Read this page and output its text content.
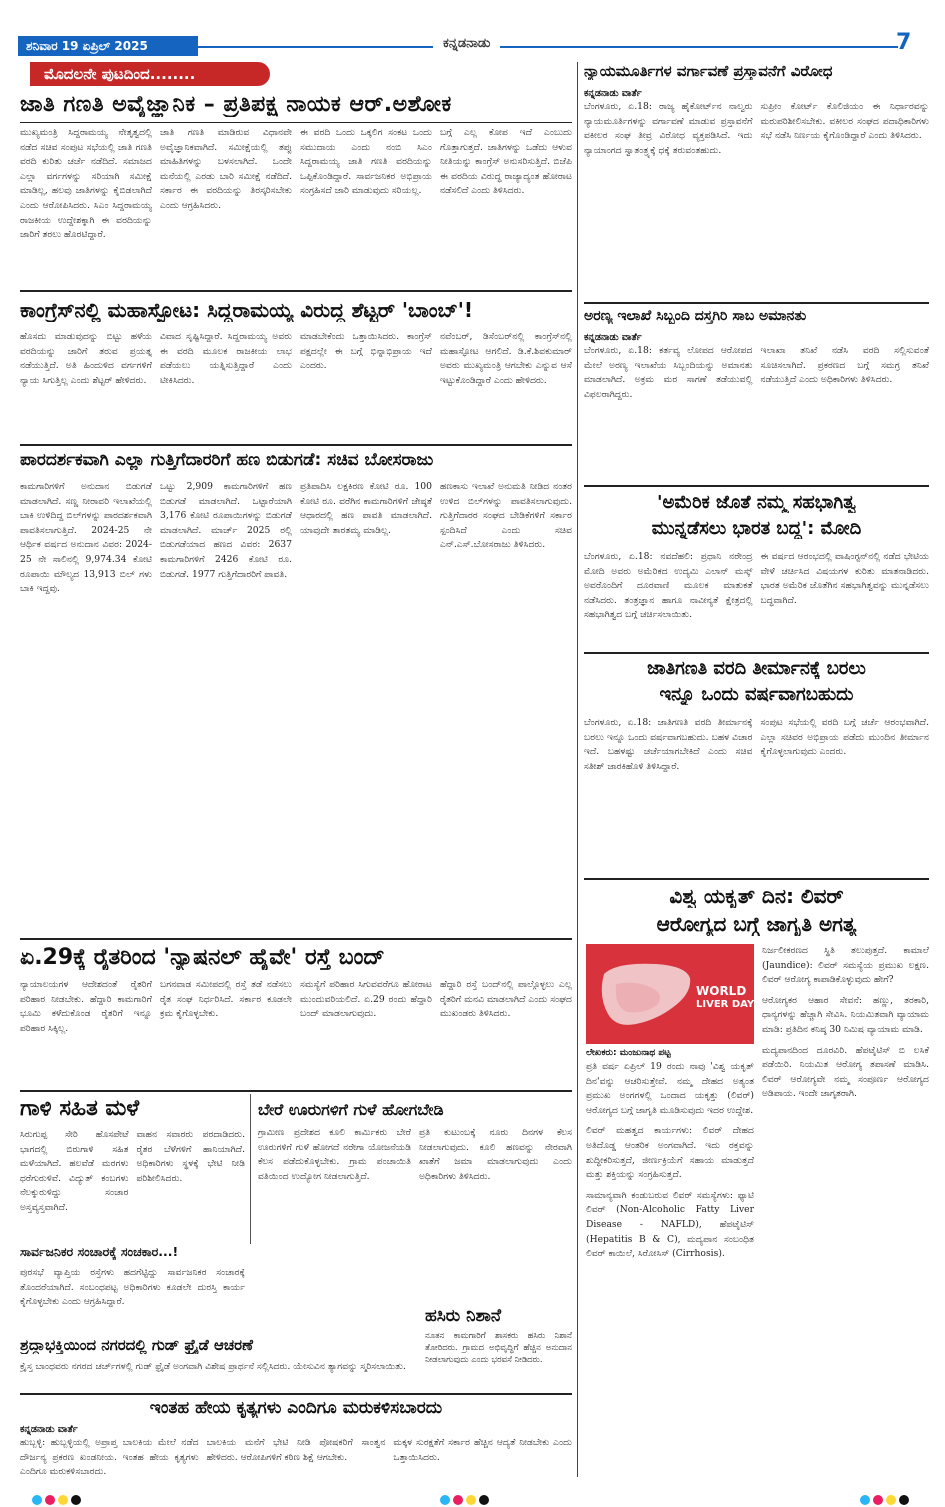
ಶನಿವಾರ 19 ಏಪ್ರಿಲ್ 2025	ಕನ್ನಡನಾಡು	7
ಮೊದಲನೇ ಪುಟದಿಂದ........
ಜಾತಿ ಗಣತಿ ಅವೈಜ್ಞಾನಿಕ – ಪ್ರತಿಪಕ್ಷ ನಾಯಕ ಆರ್.ಅಶೋಕ
ಮುಖ್ಯಮಂತ್ರಿ ಸಿದ್ದರಾಮಯ್ಯ ನೇತೃತ್ವದಲ್ಲಿ ನಡೆದ ಸಚಿವ ಸಂಪುಟ ಸಭೆಯಲ್ಲಿ ಜಾತಿ ಗಣತಿ ವರದಿ ಕುರಿತು ಚರ್ಚೆ ನಡೆದಿದೆ. ಸಮಾಜದ ಎಲ್ಲಾ ವರ್ಗಗಳನ್ನು ಸರಿಯಾಗಿ ಸಮೀಕ್ಷೆ ಮಾಡಿಲ್ಲ, ಹಲವು ಜಾತಿಗಳನ್ನು ಕೈಬಿಡಲಾಗಿದೆ ಎಂದು ಆರೋಪಿಸಿದರು. ಸಿಎಂ ಸಿದ್ದರಾಮಯ್ಯ ರಾಜಕೀಯ ಉದ್ದೇಶಕ್ಕಾಗಿ ಈ ವರದಿಯನ್ನು ಜಾರಿಗೆ ತರಲು ಹೊರಟಿದ್ದಾರೆ.
ಜಾತಿ ಗಣತಿ ಮಾಡಿರುವ ವಿಧಾನವೇ ಅವೈಜ್ಞಾನಿಕವಾಗಿದೆ. ಸಮೀಕ್ಷೆಯಲ್ಲಿ ತಪ್ಪು ಮಾಹಿತಿಗಳನ್ನು ಬಳಸಲಾಗಿದೆ. ಒಂದೇ ಮನೆಯಲ್ಲಿ ಎರಡು ಬಾರಿ ಸಮೀಕ್ಷೆ ನಡೆದಿದೆ. ಸರ್ಕಾರ ಈ ವರದಿಯನ್ನು ತಿರಸ್ಕರಿಸಬೇಕು ಎಂದು ಆಗ್ರಹಿಸಿದರು.
ಈ ವರದಿ ಒಂದು ಒಕ್ಕಲಿಗ ಸಂಕಟ ಒಂದು ಸಮುದಾಯ ಎಂದು ನಂಬಿ ಸಿಎಂ ಸಿದ್ದರಾಮಯ್ಯ ಜಾತಿ ಗಣತಿ ವರದಿಯನ್ನು ಒಪ್ಪಿಕೊಂಡಿದ್ದಾರೆ. ಸಾರ್ವಜನಿಕರ ಅಭಿಪ್ರಾಯ ಸಂಗ್ರಹಿಸದೆ ಜಾರಿ ಮಾಡುವುದು ಸರಿಯಲ್ಲ.
ಬಗ್ಗೆ ಎಲ್ಲ ಕೋಪ ಇದೆ ಎಂಬುದು ಗೊತ್ತಾಗುತ್ತದೆ. ಜಾತಿಗಳನ್ನು ಒಡೆದು ಆಳುವ ನೀತಿಯನ್ನು ಕಾಂಗ್ರೆಸ್ ಅನುಸರಿಸುತ್ತಿದೆ. ಬಿಜೆಪಿ ಈ ವರದಿಯ ವಿರುದ್ಧ ರಾಜ್ಯಾದ್ಯಂತ ಹೋರಾಟ ನಡೆಸಲಿದೆ ಎಂದು ತಿಳಿಸಿದರು.
ಕಾಂಗ್ರೆಸ್‌ನಲ್ಲಿ ಮಹಾಸ್ಫೋಟ: ಸಿದ್ದರಾಮಯ್ಯ ವಿರುದ್ಧ ಶೆಟ್ಟರ್ 'ಬಾಂಬ್'!
ಹೊಸದು ಮಾಡುವುದನ್ನು ಬಿಟ್ಟು ಹಳೆಯ ವರದಿಯನ್ನು ಜಾರಿಗೆ ತರುವ ಪ್ರಯತ್ನ ನಡೆಯುತ್ತಿದೆ. ಅತಿ ಹಿಂದುಳಿದ ವರ್ಗಗಳಿಗೆ ನ್ಯಾಯ ಸಿಗುತ್ತಿಲ್ಲ ಎಂದು ಶೆಟ್ಟರ್ ಹೇಳಿದರು.
ವಿವಾದ ಸೃಷ್ಟಿಸಿದ್ದಾರೆ. ಸಿದ್ದರಾಮಯ್ಯ ಅವರು ಈ ವರದಿ ಮೂಲಕ ರಾಜಕೀಯ ಲಾಭ ಪಡೆಯಲು ಯತ್ನಿಸುತ್ತಿದ್ದಾರೆ ಎಂದು ಟೀಕಿಸಿದರು.
ಮಾಡಬೇಕೆಂದು ಒತ್ತಾಯಿಸಿದರು. ಕಾಂಗ್ರೆಸ್ ಪಕ್ಷದಲ್ಲೇ ಈ ಬಗ್ಗೆ ಭಿನ್ನಾಭಿಪ್ರಾಯ ಇದೆ ಎಂದರು.
ನವೆಂಬರ್, ಡಿಸೆಂಬರ್‌ನಲ್ಲಿ ಕಾಂಗ್ರೆಸ್‌ನಲ್ಲಿ ಮಹಾಸ್ಫೋಟ ಆಗಲಿದೆ. ಡಿ.ಕೆ.ಶಿವಕುಮಾರ್ ಅವರು ಮುಖ್ಯಮಂತ್ರಿ ಆಗಬೇಕು ಎನ್ನುವ ಆಸೆ ಇಟ್ಟುಕೊಂಡಿದ್ದಾರೆ ಎಂದು ಹೇಳಿದರು.
ಪಾರದರ್ಶಕವಾಗಿ ಎಲ್ಲಾ ಗುತ್ತಿಗೆದಾರರಿಗೆ ಹಣ ಬಿಡುಗಡೆ: ಸಚಿವ ಬೋಸರಾಜು
ಕಾಮಗಾರಿಗಳಿಗೆ ಅನುದಾನ ಬಿಡುಗಡೆ ಮಾಡಲಾಗಿದೆ. ಸಣ್ಣ ನೀರಾವರಿ ಇಲಾಖೆಯಲ್ಲಿ ಬಾಕಿ ಉಳಿದಿದ್ದ ಬಿಲ್‌ಗಳನ್ನು ಪಾರದರ್ಶಕವಾಗಿ ಪಾವತಿಸಲಾಗುತ್ತಿದೆ. 2024-25 ನೇ ಆರ್ಥಿಕ ವರ್ಷದ ಅನುದಾನ ವಿವರ: 2024-25 ನೇ ಸಾಲಿನಲ್ಲಿ 9,974.34 ಕೋಟಿ ರೂಪಾಯಿ ಮೌಲ್ಯದ 13,913 ಬಿಲ್ ಗಳು ಬಾಕಿ ಇದ್ದವು.
ಒಟ್ಟು 2,909 ಕಾಮಗಾರಿಗಳಿಗೆ ಹಣ ಬಿಡುಗಡೆ ಮಾಡಲಾಗಿದೆ. ಒಟ್ಟಾರೆಯಾಗಿ 3,176 ಕೋಟಿ ರೂಪಾಯಿಗಳನ್ನು ಬಿಡುಗಡೆ ಮಾಡಲಾಗಿದೆ. ಮಾರ್ಚ್ 2025 ರಲ್ಲಿ ಬಿಡುಗಡೆಯಾದ ಹಣದ ವಿವರ: 2637 ಕಾಮಗಾರಿಗಳಿಗೆ 2426 ಕೋಟಿ ರೂ. ಬಿಡುಗಡೆ. 1977 ಗುತ್ತಿಗೆದಾರರಿಗೆ ಪಾವತಿ.
ಪ್ರತಿಪಾದಿಸಿ ಲಕ್ಷಕಿರಣ ಕೋಟಿ ರೂ. 100 ಕೋಟಿ ರೂ. ವರೆಗಿನ ಕಾಮಗಾರಿಗಳಿಗೆ ಜೇಷ್ಠತೆ ಆಧಾರದಲ್ಲಿ ಹಣ ಪಾವತಿ ಮಾಡಲಾಗಿದೆ. ಯಾವುದೇ ತಾರತಮ್ಯ ಮಾಡಿಲ್ಲ.
ಹಣಕಾಸು ಇಲಾಖೆ ಅನುಮತಿ ನೀಡಿದ ನಂತರ ಉಳಿದ ಬಿಲ್‌ಗಳನ್ನು ಪಾವತಿಸಲಾಗುವುದು. ಗುತ್ತಿಗೆದಾರರ ಸಂಘದ ಬೇಡಿಕೆಗಳಿಗೆ ಸರ್ಕಾರ ಸ್ಪಂದಿಸಿದೆ ಎಂದು ಸಚಿವ ಎನ್.ಎಸ್.ಬೋಸರಾಜು ತಿಳಿಸಿದರು.
ಏ.29ಕ್ಕೆ ರೈತರಿಂದ 'ನ್ಯಾಷನಲ್ ಹೈವೇ' ರಸ್ತೆ ಬಂದ್
ನ್ಯಾಯಾಲಯಗಳ ಆದೇಶದಂತೆ ರೈತರಿಗೆ ಪರಿಹಾರ ನೀಡಬೇಕು. ಹೆದ್ದಾರಿ ಕಾಮಗಾರಿಗೆ ಭೂಮಿ ಕಳೆದುಕೊಂಡ ರೈತರಿಗೆ ಇನ್ನೂ ಪರಿಹಾರ ಸಿಕ್ಕಿಲ್ಲ.
ಬಗನವಾಡ ಸಮೀಪದಲ್ಲಿ ರಸ್ತೆ ತಡೆ ನಡೆಸಲು ರೈತ ಸಂಘ ನಿರ್ಧರಿಸಿದೆ. ಸರ್ಕಾರ ಕೂಡಲೇ ಕ್ರಮ ಕೈಗೊಳ್ಳಬೇಕು.
ಸಮಸ್ಯೆಗೆ ಪರಿಹಾರ ಸಿಗುವವರೆಗೂ ಹೋರಾಟ ಮುಂದುವರಿಯಲಿದೆ. ಏ.29 ರಂದು ಹೆದ್ದಾರಿ ಬಂದ್ ಮಾಡಲಾಗುವುದು.
ಹೆದ್ದಾರಿ ರಸ್ತೆ ಬಂದ್‌ನಲ್ಲಿ ಪಾಲ್ಗೊಳ್ಳಲು ಎಲ್ಲ ರೈತರಿಗೆ ಮನವಿ ಮಾಡಲಾಗಿದೆ ಎಂದು ಸಂಘದ ಮುಖಂಡರು ತಿಳಿಸಿದರು.
ಗಾಳಿ ಸಹಿತ ಮಳೆ
ಸಿರುಗುಪ್ಪ ಸೇರಿ ಹೊಸಪೇಟೆ ಭಾಗದಲ್ಲಿ ಬಿರುಗಾಳಿ ಸಹಿತ ಮಳೆಯಾಗಿದೆ. ಹಲವೆಡೆ ಮರಗಳು ಧರೆಗುರುಳಿವೆ. ವಿದ್ಯುತ್ ಕಂಬಗಳು ನೆಲಕ್ಕುರುಳಿದ್ದು ಸಂಚಾರ ಅಸ್ತವ್ಯಸ್ತವಾಗಿದೆ.
ವಾಹನ ಸವಾರರು ಪರದಾಡಿದರು. ರೈತರ ಬೆಳೆಗಳಿಗೆ ಹಾನಿಯಾಗಿದೆ. ಅಧಿಕಾರಿಗಳು ಸ್ಥಳಕ್ಕೆ ಭೇಟಿ ನೀಡಿ ಪರಿಶೀಲಿಸಿದರು.
ಬೇರೆ ಊರುಗಳಿಗೆ ಗುಳೆ ಹೋಗಬೇಡಿ
ಗ್ರಾಮೀಣ ಪ್ರದೇಶದ ಕೂಲಿ ಕಾರ್ಮಿಕರು ಬೇರೆ ಊರುಗಳಿಗೆ ಗುಳೆ ಹೋಗದೆ ನರೇಗಾ ಯೋಜನೆಯಡಿ ಕೆಲಸ ಪಡೆದುಕೊಳ್ಳಬೇಕು. ಗ್ರಾಮ ಪಂಚಾಯಿತಿ ವತಿಯಿಂದ ಉದ್ಯೋಗ ನೀಡಲಾಗುತ್ತಿದೆ.
ಪ್ರತಿ ಕುಟುಂಬಕ್ಕೆ ನೂರು ದಿನಗಳ ಕೆಲಸ ನೀಡಲಾಗುವುದು. ಕೂಲಿ ಹಣವನ್ನು ನೇರವಾಗಿ ಖಾತೆಗೆ ಜಮಾ ಮಾಡಲಾಗುವುದು ಎಂದು ಅಧಿಕಾರಿಗಳು ತಿಳಿಸಿದರು.
ಸಾರ್ವಜನಿಕರ ಸಂಚಾರಕ್ಕೆ ಸಂಚಕಾರ...!
ಪುರಸಭೆ ವ್ಯಾಪ್ತಿಯ ರಸ್ತೆಗಳು ಹದಗೆಟ್ಟಿದ್ದು ಸಾರ್ವಜನಿಕರ ಸಂಚಾರಕ್ಕೆ ತೊಂದರೆಯಾಗಿದೆ. ಸಂಬಂಧಪಟ್ಟ ಅಧಿಕಾರಿಗಳು ಕೂಡಲೇ ದುರಸ್ತಿ ಕಾರ್ಯ ಕೈಗೊಳ್ಳಬೇಕು ಎಂದು ಆಗ್ರಹಿಸಿದ್ದಾರೆ.
ಶ್ರದ್ಧಾಭಕ್ತಿಯಿಂದ ನಗರದಲ್ಲಿ ಗುಡ್ ಫ್ರೈಡೆ ಆಚರಣೆ
ಕ್ರೈಸ್ತ ಬಾಂಧವರು ನಗರದ ಚರ್ಚ್‌ಗಳಲ್ಲಿ ಗುಡ್ ಫ್ರೈಡೆ ಅಂಗವಾಗಿ ವಿಶೇಷ ಪ್ರಾರ್ಥನೆ ಸಲ್ಲಿಸಿದರು. ಯೇಸುವಿನ ತ್ಯಾಗವನ್ನು ಸ್ಮರಿಸಲಾಯಿತು.
ಹಸಿರು ನಿಶಾನೆ
ನೂತನ ಕಾಮಗಾರಿಗೆ ಶಾಸಕರು ಹಸಿರು ನಿಶಾನೆ ತೋರಿದರು. ಗ್ರಾಮದ ಅಭಿವೃದ್ಧಿಗೆ ಹೆಚ್ಚಿನ ಅನುದಾನ ನೀಡಲಾಗುವುದು ಎಂದು ಭರವಸೆ ನೀಡಿದರು.
ಇಂತಹ ಹೇಯ ಕೃತ್ಯಗಳು ಎಂದಿಗೂ ಮರುಕಳಿಸಬಾರದು
ಕನ್ನಡನಾಡು ವಾರ್ತೆ
ಹುಬ್ಬಳ್ಳಿ: ಹುಬ್ಬಳ್ಳಿಯಲ್ಲಿ ಅಪ್ರಾಪ್ತ ಬಾಲಕಿಯ ಮೇಲೆ ನಡೆದ ದೌರ್ಜನ್ಯ ಪ್ರಕರಣ ಖಂಡನೀಯ. ಇಂತಹ ಹೇಯ ಕೃತ್ಯಗಳು ಎಂದಿಗೂ ಮರುಕಳಿಸಬಾರದು.
ಬಾಲಕಿಯ ಮನೆಗೆ ಭೇಟಿ ನೀಡಿ ಪೋಷಕರಿಗೆ ಸಾಂತ್ವನ ಹೇಳಿದರು. ಆರೋಪಿಗಳಿಗೆ ಕಠಿಣ ಶಿಕ್ಷೆ ಆಗಬೇಕು.
ಮಕ್ಕಳ ಸುರಕ್ಷತೆಗೆ ಸರ್ಕಾರ ಹೆಚ್ಚಿನ ಆದ್ಯತೆ ನೀಡಬೇಕು ಎಂದು ಒತ್ತಾಯಿಸಿದರು.
ನ್ಯಾಯಮೂರ್ತಿಗಳ ವರ್ಗಾವಣೆ ಪ್ರಸ್ತಾವನೆಗೆ ವಿರೋಧ
ಕನ್ನಡನಾಡು ವಾರ್ತೆ
ಬೆಂಗಳೂರು, ಏ.18: ರಾಜ್ಯ ಹೈಕೋರ್ಟ್‌ನ ನಾಲ್ವರು ನ್ಯಾಯಮೂರ್ತಿಗಳನ್ನು ವರ್ಗಾವಣೆ ಮಾಡುವ ಪ್ರಸ್ತಾವನೆಗೆ ವಕೀಲರ ಸಂಘ ತೀವ್ರ ವಿರೋಧ ವ್ಯಕ್ತಪಡಿಸಿದೆ. ಇದು ನ್ಯಾಯಾಂಗದ ಸ್ವಾತಂತ್ರ್ಯಕ್ಕೆ ಧಕ್ಕೆ ತರುವಂತಹುದು.
ಸುಪ್ರೀಂ ಕೋರ್ಟ್ ಕೊಲಿಜಿಯಂ ಈ ನಿರ್ಧಾರವನ್ನು ಮರುಪರಿಶೀಲಿಸಬೇಕು. ವಕೀಲರ ಸಂಘದ ಪದಾಧಿಕಾರಿಗಳು ಸಭೆ ನಡೆಸಿ ನಿರ್ಣಯ ಕೈಗೊಂಡಿದ್ದಾರೆ ಎಂದು ತಿಳಿಸಿದರು.
ಅರಣ್ಯ ಇಲಾಖೆ ಸಿಬ್ಬಂದಿ ದಸ್ತಗಿರಿ ಸಾಬ ಅಮಾನತು
ಕನ್ನಡನಾಡು ವಾರ್ತೆ
ಬೆಂಗಳೂರು, ಏ.18: ಕರ್ತವ್ಯ ಲೋಪದ ಆರೋಪದ ಮೇಲೆ ಅರಣ್ಯ ಇಲಾಖೆಯ ಸಿಬ್ಬಂದಿಯನ್ನು ಅಮಾನತು ಮಾಡಲಾಗಿದೆ. ಅಕ್ರಮ ಮರ ಸಾಗಣೆ ತಡೆಯುವಲ್ಲಿ ವಿಫಲರಾಗಿದ್ದರು.
ಇಲಾಖಾ ತನಿಖೆ ನಡೆಸಿ ವರದಿ ಸಲ್ಲಿಸುವಂತೆ ಸೂಚಿಸಲಾಗಿದೆ. ಪ್ರಕರಣದ ಬಗ್ಗೆ ಸಮಗ್ರ ತನಿಖೆ ನಡೆಯುತ್ತಿದೆ ಎಂದು ಅಧಿಕಾರಿಗಳು ತಿಳಿಸಿದರು.
'ಅಮೆರಿಕ ಜೊತೆ ನಮ್ಮ ಸಹಭಾಗಿತ್ವ
ಮುನ್ನಡೆಸಲು ಭಾರತ ಬದ್ಧ': ಮೋದಿ
ಬೆಂಗಳೂರು, ಏ.18: ನವದೆಹಲಿ: ಪ್ರಧಾನಿ ನರೇಂದ್ರ ಮೋದಿ ಅವರು ಅಮೆರಿಕದ ಉದ್ಯಮಿ ಎಲಾನ್ ಮಸ್ಕ್ ಅವರೊಂದಿಗೆ ದೂರವಾಣಿ ಮೂಲಕ ಮಾತುಕತೆ ನಡೆಸಿದರು. ತಂತ್ರಜ್ಞಾನ ಹಾಗೂ ನಾವೀನ್ಯತೆ ಕ್ಷೇತ್ರದಲ್ಲಿ ಸಹಭಾಗಿತ್ವದ ಬಗ್ಗೆ ಚರ್ಚಿಸಲಾಯಿತು.
ಈ ವರ್ಷದ ಆರಂಭದಲ್ಲಿ ವಾಷಿಂಗ್ಟನ್‌ನಲ್ಲಿ ನಡೆದ ಭೇಟಿಯ ವೇಳೆ ಚರ್ಚಿಸಿದ ವಿಷಯಗಳ ಕುರಿತು ಮಾತನಾಡಿದರು. ಭಾರತ ಅಮೆರಿಕ ಜೊತೆಗಿನ ಸಹಭಾಗಿತ್ವವನ್ನು ಮುನ್ನಡೆಸಲು ಬದ್ಧವಾಗಿದೆ.
ಜಾತಿಗಣತಿ ವರದಿ ತೀರ್ಮಾನಕ್ಕೆ ಬರಲು
ಇನ್ನೂ ಒಂದು ವರ್ಷವಾಗಬಹುದು
ಬೆಂಗಳೂರು, ಏ.18: ಜಾತಿಗಣತಿ ವರದಿ ತೀರ್ಮಾನಕ್ಕೆ ಬರಲು ಇನ್ನೂ ಒಂದು ವರ್ಷವಾಗಬಹುದು. ಬಹಳ ವಿಚಾರ ಇದೆ. ಬಹಳಷ್ಟು ಚರ್ಚೆಯಾಗಬೇಕಿದೆ ಎಂದು ಸಚಿವ ಸತೀಶ್ ಜಾರಕಿಹೊಳಿ ತಿಳಿಸಿದ್ದಾರೆ.
ಸಂಪುಟ ಸಭೆಯಲ್ಲಿ ವರದಿ ಬಗ್ಗೆ ಚರ್ಚೆ ಆರಂಭವಾಗಿದೆ. ಎಲ್ಲಾ ಸಚಿವರ ಅಭಿಪ್ರಾಯ ಪಡೆದು ಮುಂದಿನ ತೀರ್ಮಾನ ಕೈಗೊಳ್ಳಲಾಗುವುದು ಎಂದರು.
ವಿಶ್ವ ಯಕೃತ್ ದಿನ: ಲಿವರ್
ಆರೋಗ್ಯದ ಬಗ್ಗೆ ಜಾಗೃತಿ ಅಗತ್ಯ
WORLD
LIVER DAY
ಲೇಖಕರು: ಮಂಜುನಾಥ ಪಟ್ಟ

ಪ್ರತಿ ವರ್ಷ ಏಪ್ರಿಲ್ 19 ರಂದು ನಾವು 'ವಿಶ್ವ ಯಕೃತ್ ದಿನ'ವನ್ನು ಆಚರಿಸುತ್ತೇವೆ. ನಮ್ಮ ದೇಹದ ಅತ್ಯಂತ ಪ್ರಮುಖ ಅಂಗಗಳಲ್ಲಿ ಒಂದಾದ ಯಕೃತ್ತು (ಲಿವರ್) ಆರೋಗ್ಯದ ಬಗ್ಗೆ ಜಾಗೃತಿ ಮೂಡಿಸುವುದು ಇದರ ಉದ್ದೇಶ.

ಲಿವರ್ ಮಹತ್ವದ ಕಾರ್ಯಗಳು: ಲಿವರ್ ದೇಹದ ಅತಿದೊಡ್ಡ ಆಂತರಿಕ ಅಂಗವಾಗಿದೆ. ಇದು ರಕ್ತವನ್ನು ಶುದ್ಧೀಕರಿಸುತ್ತದೆ, ಜೀರ್ಣಕ್ರಿಯೆಗೆ ಸಹಾಯ ಮಾಡುತ್ತದೆ ಮತ್ತು ಶಕ್ತಿಯನ್ನು ಸಂಗ್ರಹಿಸುತ್ತದೆ.

ಸಾಮಾನ್ಯವಾಗಿ ಕಂಡುಬರುವ ಲಿವರ್ ಸಮಸ್ಯೆಗಳು: ಫ್ಯಾಟಿ ಲಿವರ್ (Non-Alcoholic Fatty Liver Disease - NAFLD), ಹೆಪಟೈಟಿಸ್ (Hepatitis B & C), ಮದ್ಯಪಾನ ಸಂಬಂಧಿತ ಲಿವರ್ ಕಾಯಿಲೆ, ಸಿರೋಸಿಸ್ (Cirrhosis).

ನಿರ್ಜಲೀಕರಣದ ಸ್ಥಿತಿ ತಲುಪುತ್ತದೆ. ಕಾಮಾಲೆ (Jaundice): ಲಿವರ್ ಸಮಸ್ಯೆಯ ಪ್ರಮುಖ ಲಕ್ಷಣ. ಲಿವರ್ ಆರೋಗ್ಯ ಕಾಪಾಡಿಕೊಳ್ಳುವುದು ಹೇಗೆ?

ಆರೋಗ್ಯಕರ ಆಹಾರ ಸೇವನೆ: ಹಣ್ಣು, ತರಕಾರಿ, ಧಾನ್ಯಗಳನ್ನು ಹೆಚ್ಚಾಗಿ ಸೇವಿಸಿ. ನಿಯಮಿತವಾಗಿ ವ್ಯಾಯಾಮ ಮಾಡಿ: ಪ್ರತಿದಿನ ಕನಿಷ್ಠ 30 ನಿಮಿಷ ವ್ಯಾಯಾಮ ಮಾಡಿ.

ಮದ್ಯಪಾನದಿಂದ ದೂರವಿರಿ. ಹೆಪಟೈಟಿಸ್ ಬಿ ಲಸಿಕೆ ಪಡೆಯಿರಿ. ನಿಯಮಿತ ಆರೋಗ್ಯ ತಪಾಸಣೆ ಮಾಡಿಸಿ. ಲಿವರ್ ಆರೋಗ್ಯವೇ ನಮ್ಮ ಸಂಪೂರ್ಣ ಆರೋಗ್ಯದ ಅಡಿಪಾಯ. ಇಂದೇ ಜಾಗೃತರಾಗಿ.
